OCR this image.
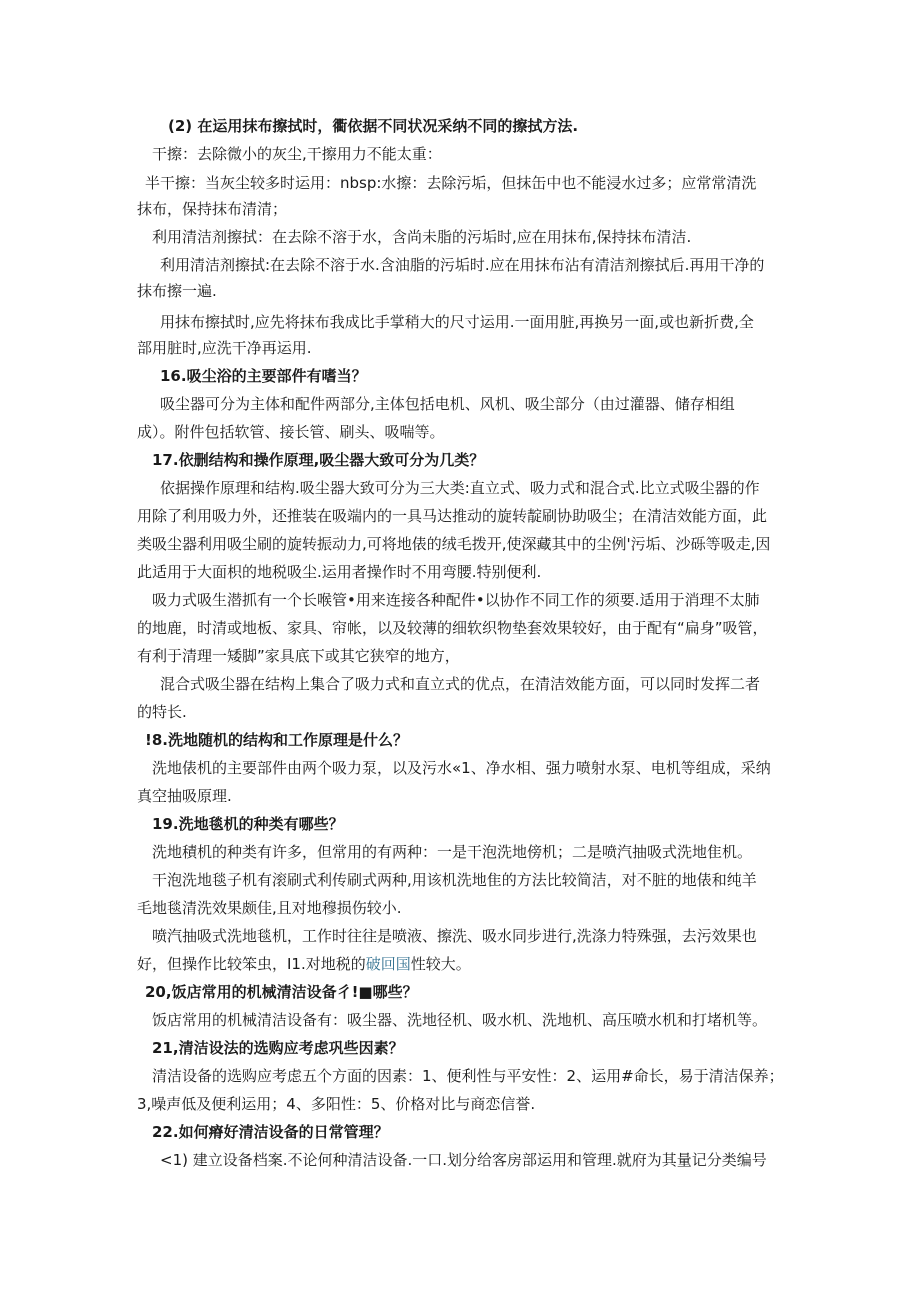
(2) 在运用抹布擦拭时，衢依据不同状况采纳不同的擦拭方法.
干擦：去除微小的灰尘,干擦用力不能太重：
半干擦：当灰尘较多时运用：nbsp:水擦：去除污垢，但抹缶中也不能浸水过多；应常常清洗
抹布，保持抹布清清；
利用清洁剂擦拭：在去除不溶于水，含尚未脂的污垢时,应在用抹布,保持抹布清洁.
利用清洁剂擦拭:在去除不溶于水.含油脂的污垢时.应在用抹布沾有清洁剂擦拭后.再用干净的
抹布擦一遍.
用抹布擦拭时,应先将抹布我成比手掌稍大的尺寸运用.一面用脏,再换另一面,或也新折费,全
部用脏时,应洗干净再运用.
16.吸尘浴的主要部件有嗜当？
吸尘器可分为主体和配件两部分,主体包括电机、风机、吸尘部分（由过灌器、储存相组
成）。附件包括软管、接长管、刷头、吸喘等。
17.依删结构和操作原理,吸尘器大致可分为几类？
依据操作原理和结构.吸尘器大致可分为三大类:直立式、吸力式和混合式.比立式吸尘器的作
用除了利用吸力外，还推装在吸端内的一具马达推动的旋转靛刷协助吸尘；在清洁效能方面，此
类吸尘器利用吸尘刷的旋转振动力,可将地俵的绒毛拨开,使深藏其中的尘例'污垢、沙砾等吸走,因
此适用于大面枳的地税吸尘.运用者操作时不用弯腰.特别便利.
吸力式吸生潜抓有一个长喉管•用来连接各种配件•以协作不同工作的须要.适用于消理不太肺
的地鹿，时清或地板、家具、帘帐，以及较薄的细软织物垫套效果较好，由于配有“扁身”吸管，
有利于清理一矮脚”家具底下或其它狭窄的地方，
混合式吸尘器在结构上集合了吸力式和直立式的优点，在清洁效能方面，可以同时发挥二者
的特长.
!8.洗地随机的结构和工作原理是什么？
洗地俵机的主要部件由两个吸力泵，以及污水«1、净水相、强力喷射水泵、电机等组成，采纳
真空抽吸原理.
19.洗地毯机的种类有哪些？
洗地積机的种类有许多，但常用的有两种：一是干泡洗地傍机；二是喷汽抽吸式洗地隹机。
干泡洗地毯子机有滚刷式利传刷式两种,用该机洗地隹的方法比较简洁，对不脏的地俵和纯羊
毛地毯清洗效果颇佳,且对地穆损伤较小.
喷汽抽吸式洗地毯机，工作时往往是喷液、擦洗、吸水同步进行,洗涤力特殊强，去污效果也
好，但操作比较笨虫，I1.对地税的破回国性较大。
20,饭店常用的机械清洁设备彳!■哪些？
饭店常用的机械清洁设备有：吸尘器、洗地径机、吸水机、洗地机、高压喷水机和打堵机等。
21,清洁设法的选购应考虑巩些因素？
清洁设备的选购应考虑五个方面的因素：1、便利性与平安性：2、运用#命长，易于清洁保养；
3,噪声低及便利运用；4、多阳性：5、价格对比与商恋信誉.
22.如何瘠好清洁设备的日常管理？
<1) 建立设备档案.不论何种清洁设备.一口.划分给客房部运用和管理.就府为其量记分类编号
